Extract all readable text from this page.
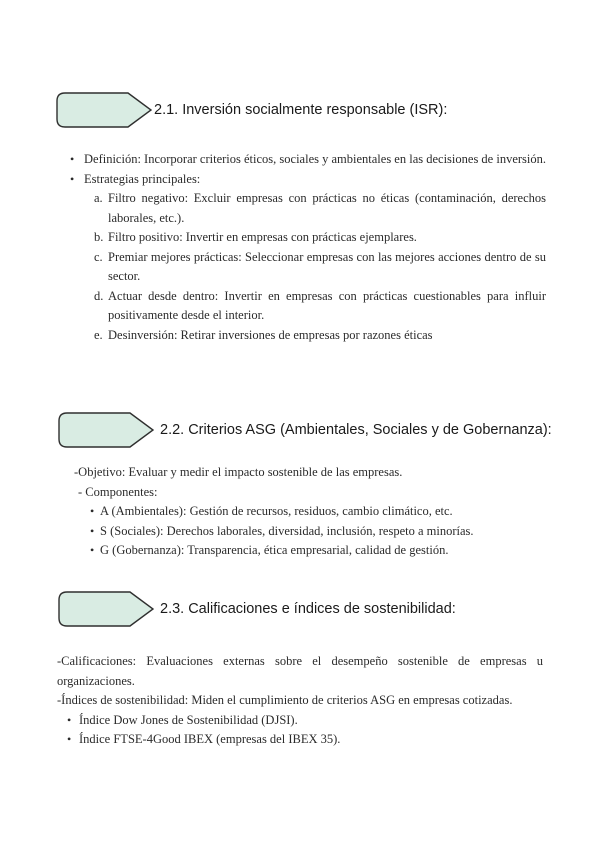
2.1. Inversión socialmente responsable (ISR):
• Definición: Incorporar criterios éticos, sociales y ambientales en las decisiones de inversión.
• Estrategias principales:
a. Filtro negativo: Excluir empresas con prácticas no éticas (contaminación, derechos laborales, etc.).
b. Filtro positivo: Invertir en empresas con prácticas ejemplares.
c. Premiar mejores prácticas: Seleccionar empresas con las mejores acciones dentro de su sector.
d. Actuar desde dentro: Invertir en empresas con prácticas cuestionables para influir positivamente desde el interior.
e. Desinversión: Retirar inversiones de empresas por razones éticas
2.2. Criterios ASG (Ambientales, Sociales y de Gobernanza):
-Objetivo: Evaluar y medir el impacto sostenible de las empresas.
- Componentes:
• A (Ambientales): Gestión de recursos, residuos, cambio climático, etc.
• S (Sociales): Derechos laborales, diversidad, inclusión, respeto a minorías.
• G (Gobernanza): Transparencia, ética empresarial, calidad de gestión.
2.3. Calificaciones e índices de sostenibilidad:
-Calificaciones: Evaluaciones externas sobre el desempeño sostenible de empresas u organizaciones.
-Índices de sostenibilidad: Miden el cumplimiento de criterios ASG en empresas cotizadas.
• Índice Dow Jones de Sostenibilidad (DJSI).
• Índice FTSE-4Good IBEX (empresas del IBEX 35).
